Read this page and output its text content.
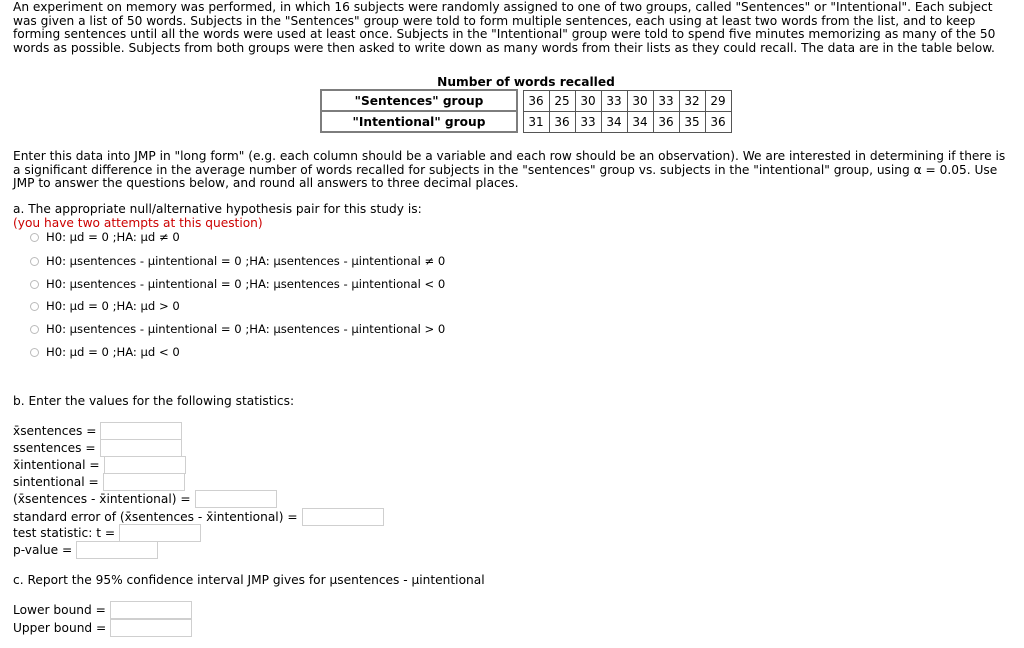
An experiment on memory was performed, in which 16 subjects were randomly assigned to one of two groups, called "Sentences" or "Intentional". Each subject was given a list of 50 words. Subjects in the "Sentences" group were told to form multiple sentences, each using at least two words from the list, and to keep forming sentences until all the words were used at least once. Subjects in the "Intentional" group were told to spend five minutes memorizing as many of the 50 words as possible. Subjects from both groups were then asked to write down as many words from their lists as they could recall. The data are in the table below.

Number of words recalled										
"Sentences" group			36	25	30	33	30	33	32	29
"Intentional" group			31	36	33	34	34	36	35	36

Enter this data into JMP in "long form" (e.g. each column should be a variable and each row should be an observation). We are interested in determining if there is a significant difference in the average number of words recalled for subjects in the "sentences" group vs. subjects in the "intentional" group, using α = 0.05. Use JMP to answer the questions below, and round all answers to three decimal places.

a. The appropriate null/alternative hypothesis pair for this study is:
(you have two attempts at this question)
H0: μd = 0 ; HA: μd ≠ 0
H0: μsentences - μintentional = 0 ; HA: μsentences - μintentional ≠ 0
H0: μsentences - μintentional = 0 ; HA: μsentences - μintentional < 0
H0: μd = 0 ; HA: μd > 0
H0: μsentences - μintentional = 0 ; HA: μsentences - μintentional > 0
H0: μd = 0 ; HA: μd < 0
b. Enter the values for the following statistics:
x̄sentences =
ssentences =
x̄intentional =
sintentional =
(x̄sentences - x̄intentional) =
standard error of (x̄sentences - x̄intentional) =
test statistic: t =
p-value =
c. Report the 95% confidence interval JMP gives for μsentences - μintentional
Lower bound =
Upper bound =
